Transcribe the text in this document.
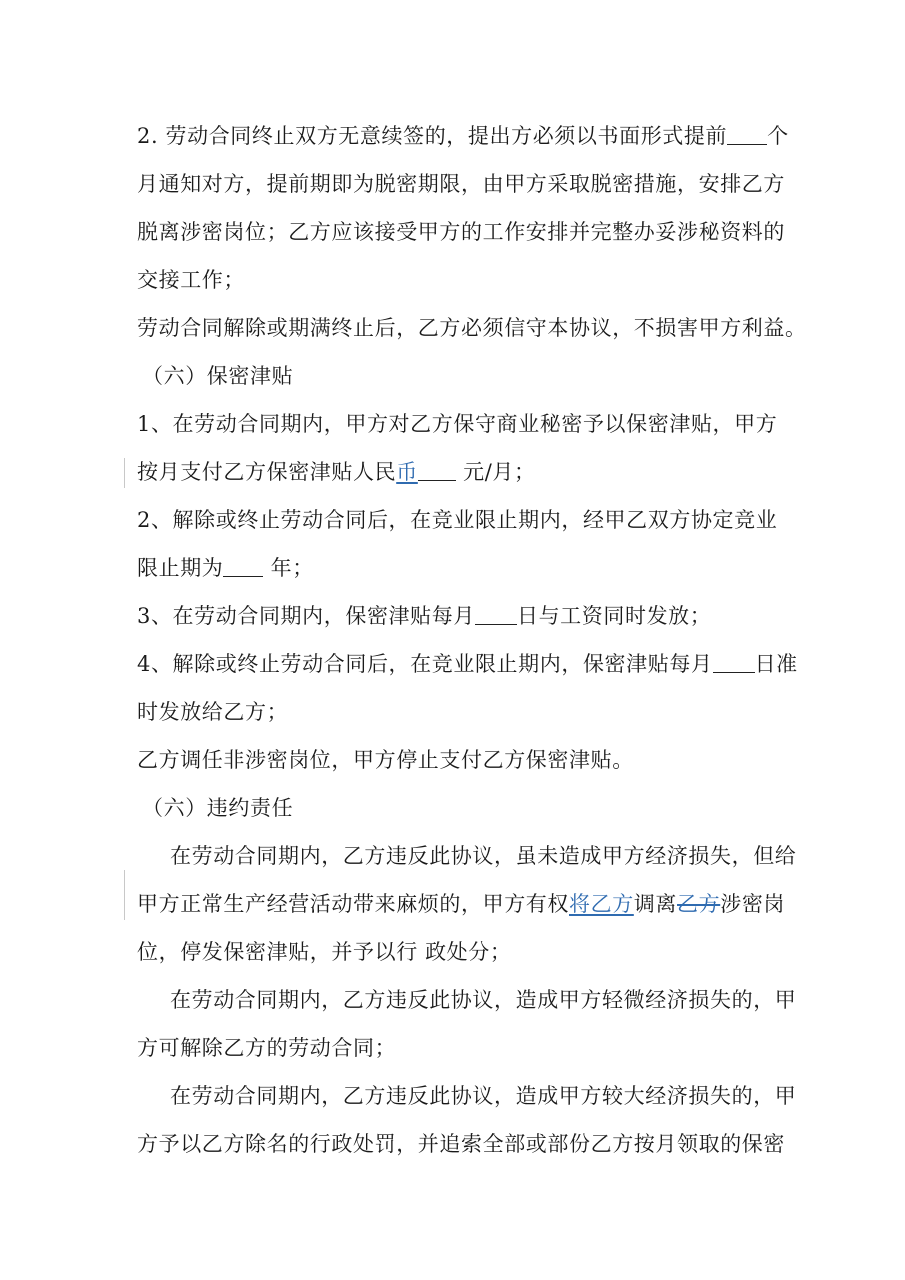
2. 劳动合同终止双方无意续签的，提出方必须以书面形式提前 个
月通知对方，提前期即为脱密期限，由甲方采取脱密措施，安排乙方
脱离涉密岗位；乙方应该接受甲方的工作安排并完整办妥涉秘资料的
交接工作；
劳动合同解除或期满终止后，乙方必须信守本协议，不损害甲方利益。
（六）保密津贴
1、在劳动合同期内，甲方对乙方保守商业秘密予以保密津贴，甲方
按月支付乙方保密津贴人民币 元/月；
2、解除或终止劳动合同后，在竞业限止期内，经甲乙双方协定竞业
限止期为 年；
3、在劳动合同期内，保密津贴每月 日与工资同时发放；
4、解除或终止劳动合同后，在竞业限止期内，保密津贴每月 日准
时发放给乙方；
乙方调任非涉密岗位，甲方停止支付乙方保密津贴。
（六）违约责任
在劳动合同期内，乙方违反此协议，虽未造成甲方经济损失，但给
甲方正常生产经营活动带来麻烦的，甲方有权将乙方调离乙方涉密岗
位，停发保密津贴，并予以行 政处分；
在劳动合同期内，乙方违反此协议，造成甲方轻微经济损失的，甲
方可解除乙方的劳动合同；
在劳动合同期内，乙方违反此协议，造成甲方较大经济损失的，甲
方予以乙方除名的行政处罚，并追索全部或部份乙方按月领取的保密
